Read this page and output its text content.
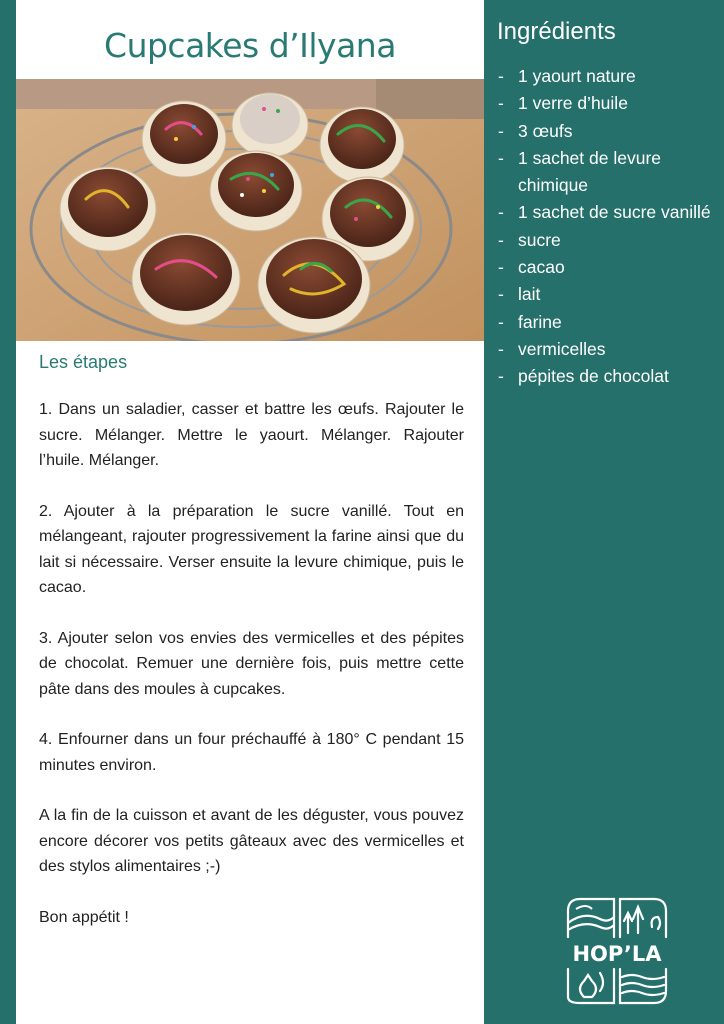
Cupcakes d’Ilyana
Les étapes

1. Dans un saladier, casser et battre les œufs. Rajouter le sucre. Mélanger. Mettre le yaourt. Mélanger. Rajouter l’huile. Mélanger.

2. Ajouter à la préparation le sucre vanillé. Tout en mélangeant, rajouter progressivement la farine ainsi que du lait si nécessaire. Verser ensuite la levure chimique, puis le cacao.

3. Ajouter selon vos envies des vermicelles et des pépites de chocolat. Remuer une dernière fois, puis mettre cette pâte dans des moules à cupcakes.

4. Enfourner dans un four préchauffé à 180° C pendant 15 minutes environ.

A la fin de la cuisson et avant de les déguster, vous pouvez encore décorer vos petits gâteaux avec des vermicelles et des stylos alimentaires ;-)

Bon appétit !

Ingrédients
- 1 yaourt nature
- 1 verre d’huile
- 3 œufs
- 1 sachet de levure chimique
- 1 sachet de sucre vanillé
- sucre
- cacao
- lait
- farine
- vermicelles
- pépites de chocolat
HOP’LA
